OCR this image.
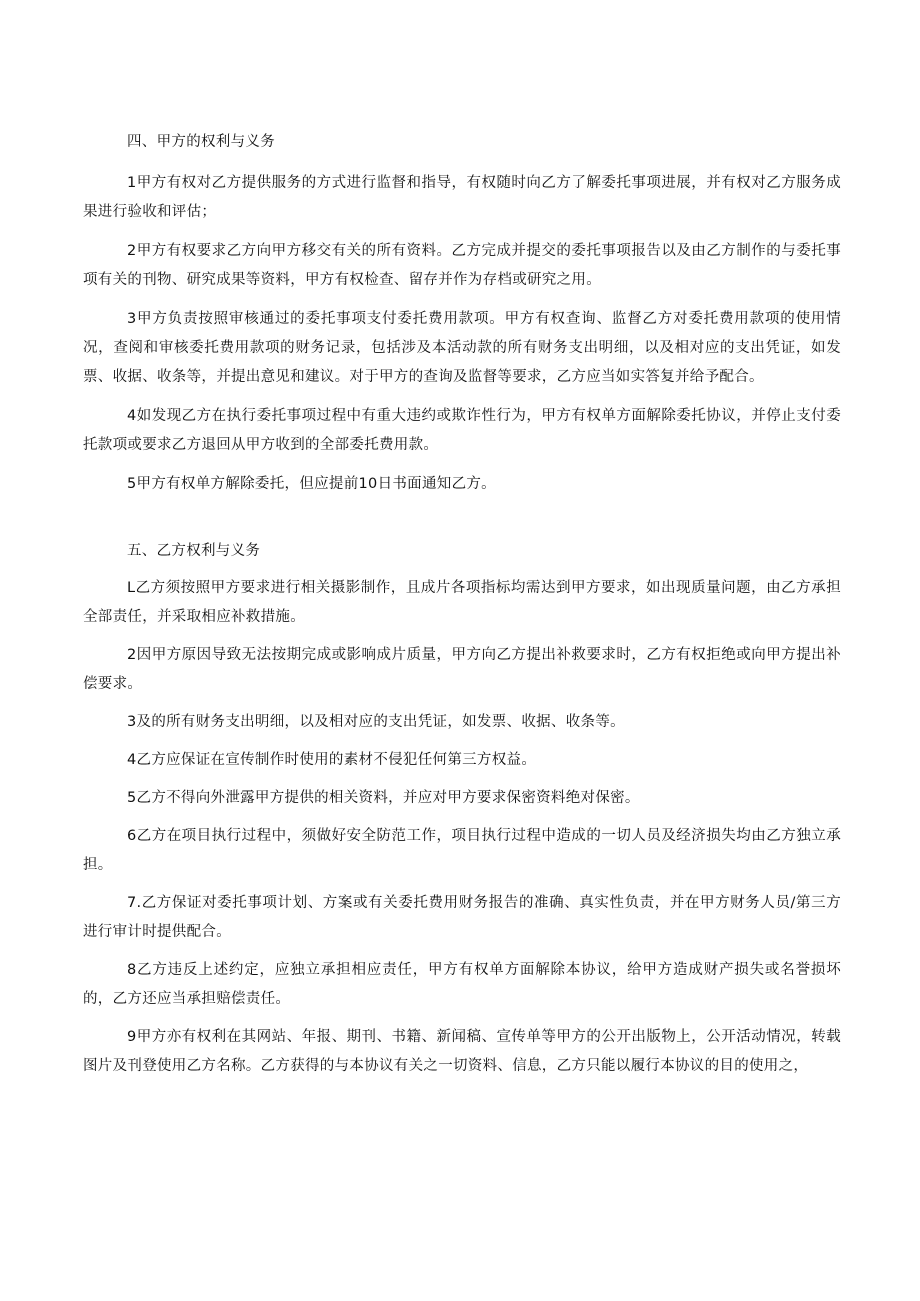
四、甲方的权利与义务

1甲方有权对乙方提供服务的方式进行监督和指导，有权随时向乙方了解委托事项进展，并有权对乙方服务成果进行验收和评估；

2甲方有权要求乙方向甲方移交有关的所有资料。乙方完成并提交的委托事项报告以及由乙方制作的与委托事项有关的刊物、研究成果等资料，甲方有权检查、留存并作为存档或研究之用。

3甲方负责按照审核通过的委托事项支付委托费用款项。甲方有权查询、监督乙方对委托费用款项的使用情况，查阅和审核委托费用款项的财务记录，包括涉及本活动款的所有财务支出明细，以及相对应的支出凭证，如发票、收据、收条等，并提出意见和建议。对于甲方的查询及监督等要求，乙方应当如实答复并给予配合。

4如发现乙方在执行委托事项过程中有重大违约或欺诈性行为，甲方有权单方面解除委托协议，并停止支付委托款项或要求乙方退回从甲方收到的全部委托费用款。

5甲方有权单方解除委托，但应提前10日书面通知乙方。

五、乙方权利与义务

L乙方须按照甲方要求进行相关摄影制作，且成片各项指标均需达到甲方要求，如出现质量问题，由乙方承担全部责任，并采取相应补救措施。

2因甲方原因导致无法按期完成或影响成片质量，甲方向乙方提出补救要求时，乙方有权拒绝或向甲方提出补偿要求。

3及的所有财务支出明细，以及相对应的支出凭证，如发票、收据、收条等。

4乙方应保证在宣传制作时使用的素材不侵犯任何第三方权益。

5乙方不得向外泄露甲方提供的相关资料，并应对甲方要求保密资料绝对保密。

6乙方在项目执行过程中，须做好安全防范工作，项目执行过程中造成的一切人员及经济损失均由乙方独立承担。

7.乙方保证对委托事项计划、方案或有关委托费用财务报告的准确、真实性负责，并在甲方财务人员/第三方进行审计时提供配合。

8乙方违反上述约定，应独立承担相应责任，甲方有权单方面解除本协议，给甲方造成财产损失或名誉损坏的，乙方还应当承担赔偿责任。

9甲方亦有权利在其网站、年报、期刊、书籍、新闻稿、宣传单等甲方的公开出版物上，公开活动情况，转载图片及刊登使用乙方名称。乙方获得的与本协议有关之一切资料、信息，乙方只能以履行本协议的目的使用之，
